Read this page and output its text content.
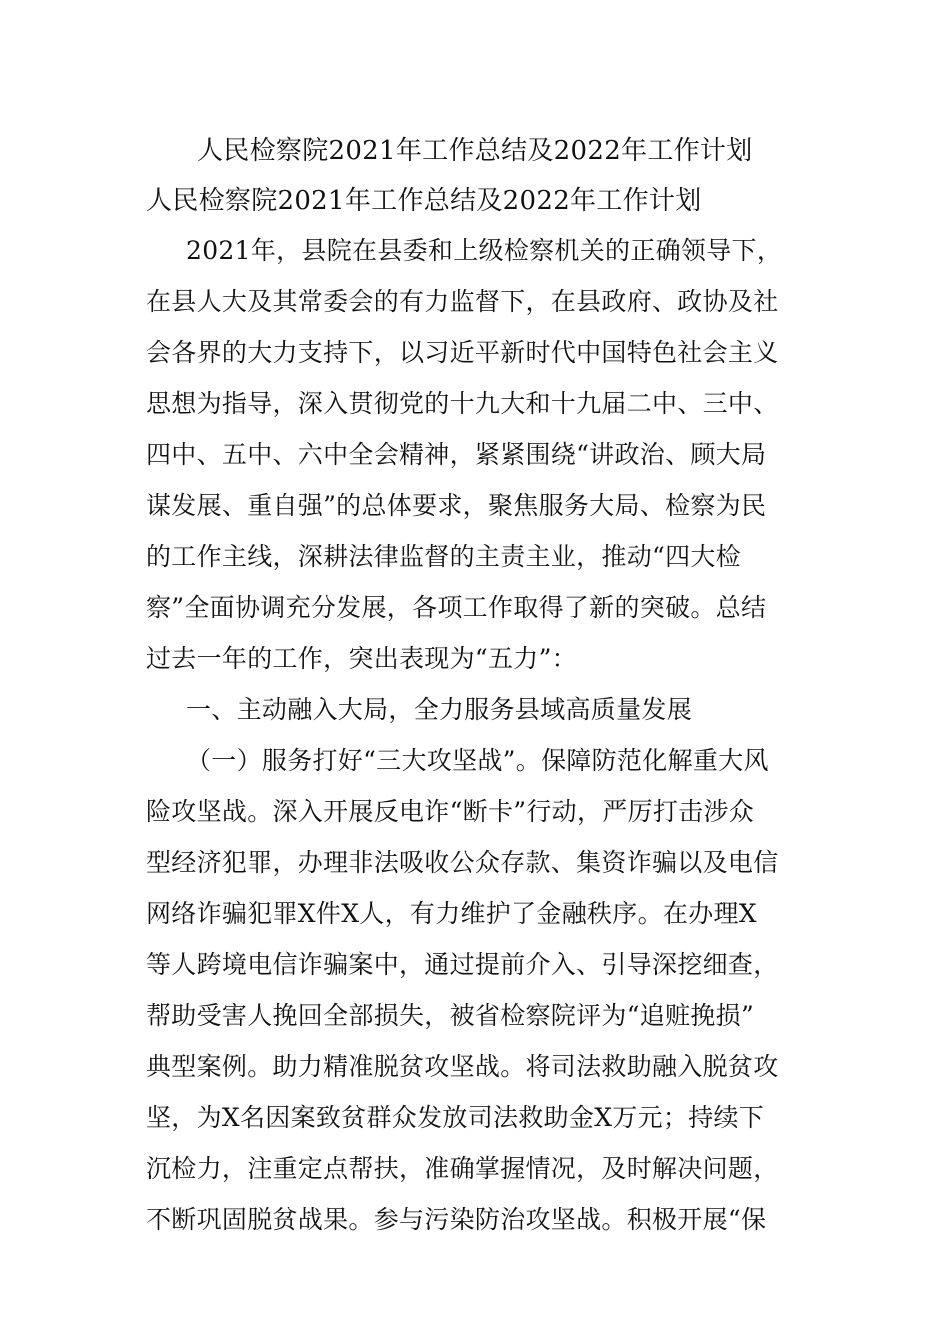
人民检察院2021年工作总结及2022年工作计划
人民检察院2021年工作总结及2022年工作计划
2021年，县院在县委和上级检察机关的正确领导下，
在县人大及其常委会的有力监督下，在县政府、政协及社
会各界的大力支持下，以习近平新时代中国特色社会主义
思想为指导，深入贯彻党的十九大和十九届二中、三中、
四中、五中、六中全会精神，紧紧围绕“讲政治、顾大局
谋发展、重自强”的总体要求，聚焦服务大局、检察为民
的工作主线，深耕法律监督的主责主业，推动“四大检
察”全面协调充分发展，各项工作取得了新的突破。总结
过去一年的工作，突出表现为“五力”：
一、主动融入大局，全力服务县域高质量发展
（一）服务打好“三大攻坚战”。保障防范化解重大风
险攻坚战。深入开展反电诈“断卡”行动，严厉打击涉众
型经济犯罪，办理非法吸收公众存款、集资诈骗以及电信
网络诈骗犯罪X件X人，有力维护了金融秩序。在办理X
等人跨境电信诈骗案中，通过提前介入、引导深挖细查，
帮助受害人挽回全部损失，被省检察院评为“追赃挽损”
典型案例。助力精准脱贫攻坚战。将司法救助融入脱贫攻
坚，为X名因案致贫群众发放司法救助金X万元；持续下
沉检力，注重定点帮扶，准确掌握情况，及时解决问题，
不断巩固脱贫战果。参与污染防治攻坚战。积极开展“保
